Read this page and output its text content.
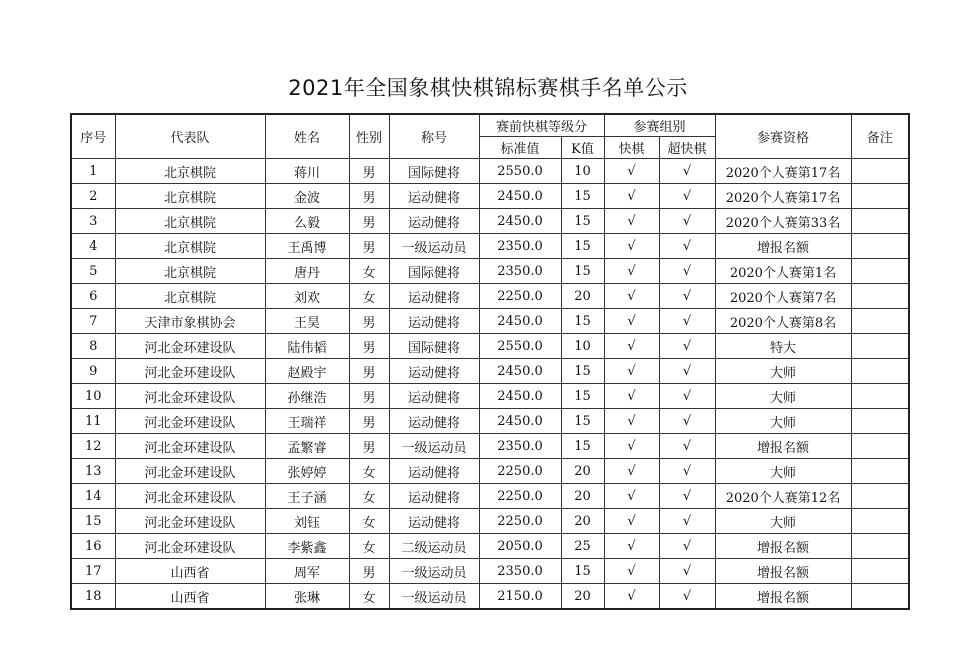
2021年全国象棋快棋锦标赛棋手名单公示
序号	代表队	姓名	性别	称号	赛前快棋等级分		参赛组别		参赛资格	备注
					标准值	K值	快棋	超快棋		
1	北京棋院	蒋川	男	国际健将	2550.0	10	√	√	2020个人赛第17名	
2	北京棋院	金波	男	运动健将	2450.0	15	√	√	2020个人赛第17名	
3	北京棋院	么毅	男	运动健将	2450.0	15	√	√	2020个人赛第33名	
4	北京棋院	王禹博	男	一级运动员	2350.0	15	√	√	增报名额	
5	北京棋院	唐丹	女	国际健将	2350.0	15	√	√	2020个人赛第1名	
6	北京棋院	刘欢	女	运动健将	2250.0	20	√	√	2020个人赛第7名	
7	天津市象棋协会	王昊	男	运动健将	2450.0	15	√	√	2020个人赛第8名	
8	河北金环建设队	陆伟韬	男	国际健将	2550.0	10	√	√	特大	
9	河北金环建设队	赵殿宇	男	运动健将	2450.0	15	√	√	大师	
10	河北金环建设队	孙继浩	男	运动健将	2450.0	15	√	√	大师	
11	河北金环建设队	王瑞祥	男	运动健将	2450.0	15	√	√	大师	
12	河北金环建设队	孟繁睿	男	一级运动员	2350.0	15	√	√	增报名额	
13	河北金环建设队	张婷婷	女	运动健将	2250.0	20	√	√	大师	
14	河北金环建设队	王子涵	女	运动健将	2250.0	20	√	√	2020个人赛第12名	
15	河北金环建设队	刘钰	女	运动健将	2250.0	20	√	√	大师	
16	河北金环建设队	李紫鑫	女	二级运动员	2050.0	25	√	√	增报名额	
17	山西省	周军	男	一级运动员	2350.0	15	√	√	增报名额	
18	山西省	张琳	女	一级运动员	2150.0	20	√	√	增报名额	
